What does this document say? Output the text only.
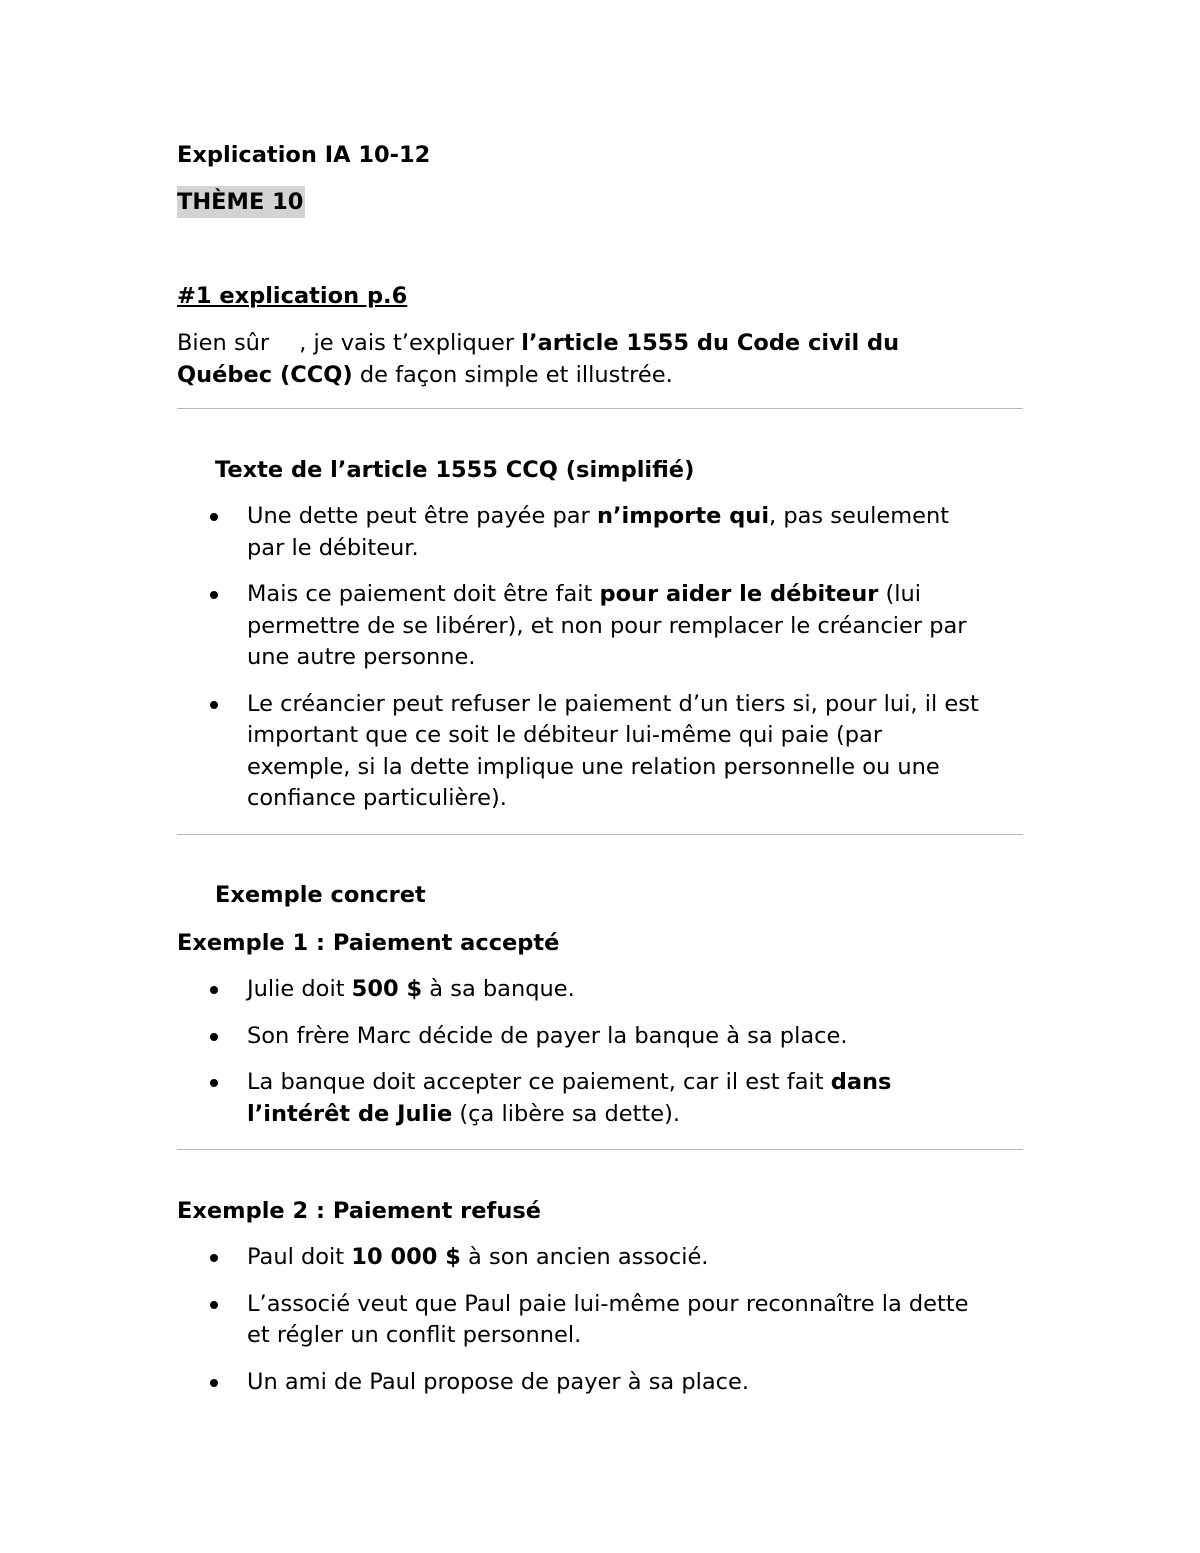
Explication IA 10-12

THÈME 10

#1 explication p.6

Bien sûr , je vais t’expliquer l’article 1555 du Code civil du

Québec (CCQ) de façon simple et illustrée.

Texte de l’article 1555 CCQ (simplifié)

Une dette peut être payée par n’importe qui, pas seulement

par le débiteur.

Mais ce paiement doit être fait pour aider le débiteur (lui

permettre de se libérer), et non pour remplacer le créancier par

une autre personne.

Le créancier peut refuser le paiement d’un tiers si, pour lui, il est

important que ce soit le débiteur lui-même qui paie (par

exemple, si la dette implique une relation personnelle ou une

confiance particulière).

Exemple concret

Exemple 1 : Paiement accepté

Julie doit 500 $ à sa banque.

Son frère Marc décide de payer la banque à sa place.

La banque doit accepter ce paiement, car il est fait dans

l’intérêt de Julie (ça libère sa dette).

Exemple 2 : Paiement refusé

Paul doit 10 000 $ à son ancien associé.

L’associé veut que Paul paie lui-même pour reconnaître la dette

et régler un conflit personnel.

Un ami de Paul propose de payer à sa place.
